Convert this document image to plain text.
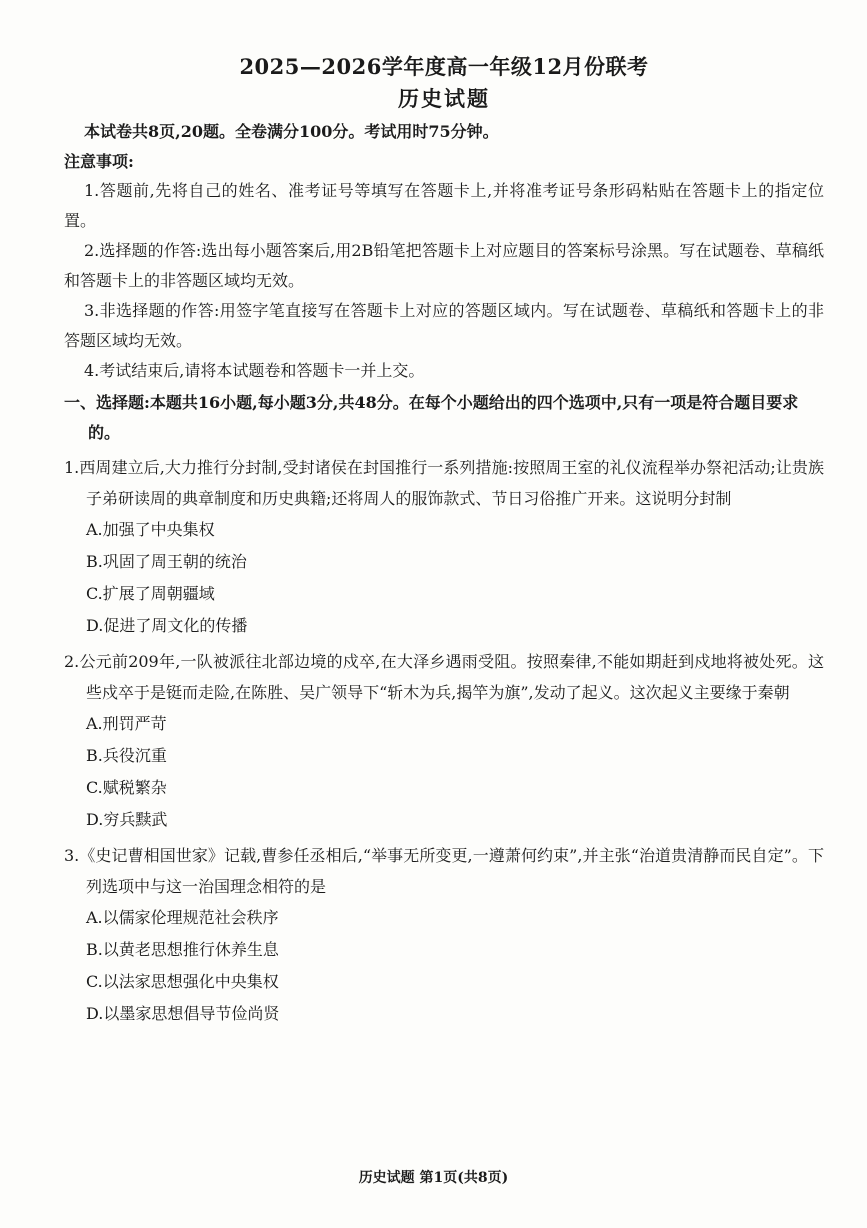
2025—2026学年度高一年级12月份联考
历史试题

本试卷共8页,20题。全卷满分100分。考试用时75分钟。

注意事项:

1.答题前,先将自己的姓名、准考证号等填写在答题卡上,并将准考证号条形码粘贴在答题卡上的指定位置。

2.选择题的作答:选出每小题答案后,用2B铅笔把答题卡上对应题目的答案标号涂黑。写在试题卷、草稿纸和答题卡上的非答题区域均无效。

3.非选择题的作答:用签字笔直接写在答题卡上对应的答题区域内。写在试题卷、草稿纸和答题卡上的非答题区域均无效。

4.考试结束后,请将本试题卷和答题卡一并上交。

一、选择题:本题共16小题,每小题3分,共48分。在每个小题给出的四个选项中,只有一项是符合题目要求的。

1.西周建立后,大力推行分封制,受封诸侯在封国推行一系列措施:按照周王室的礼仪流程举办祭祀活动;让贵族子弟研读周的典章制度和历史典籍;还将周人的服饰款式、节日习俗推广开来。这说明分封制

A.加强了中央集权

B.巩固了周王朝的统治

C.扩展了周朝疆域

D.促进了周文化的传播

2.公元前209年,一队被派往北部边境的戍卒,在大泽乡遇雨受阻。按照秦律,不能如期赶到戍地将被处死。这些戍卒于是铤而走险,在陈胜、吴广领导下“斩木为兵,揭竿为旗”,发动了起义。这次起义主要缘于秦朝

A.刑罚严苛

B.兵役沉重

C.赋税繁杂

D.穷兵黩武

3.《史记曹相国世家》记载,曹参任丞相后,“举事无所变更,一遵萧何约束”,并主张“治道贵清静而民自定”。下列选项中与这一治国理念相符的是

A.以儒家伦理规范社会秩序

B.以黄老思想推行休养生息

C.以法家思想强化中央集权

D.以墨家思想倡导节俭尚贤

历史试题 第1页(共8页)
